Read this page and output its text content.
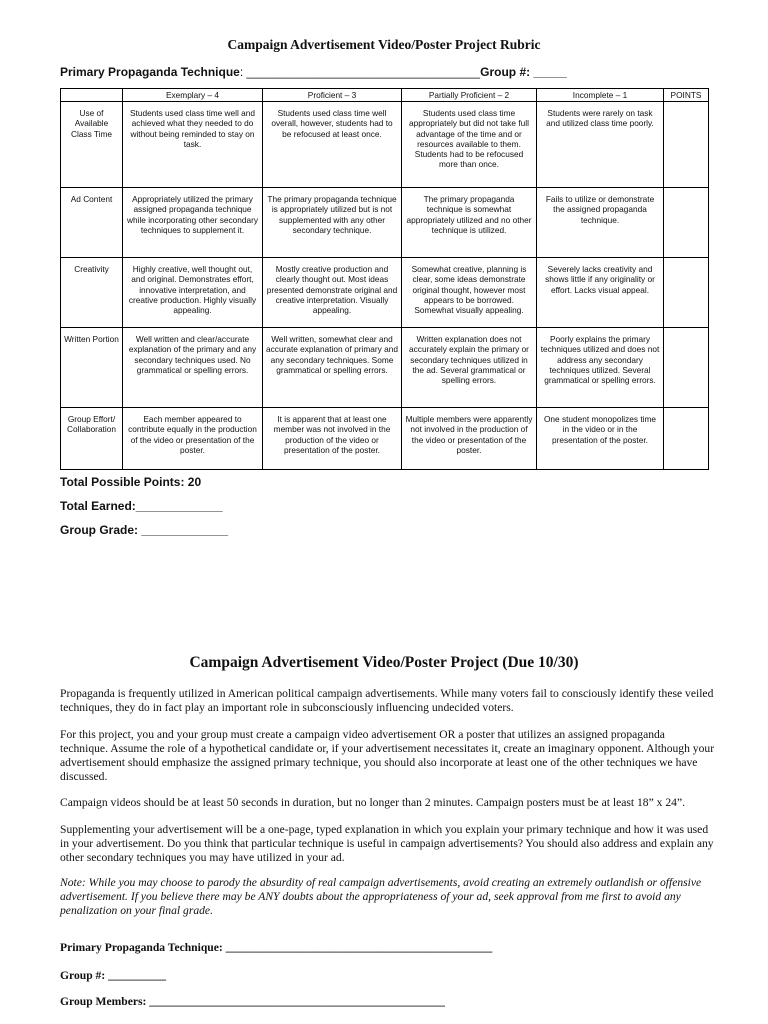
Campaign Advertisement Video/Poster Project Rubric
Primary Propaganda Technique: ___________________________________Group #: _____
	Exemplary – 4	Proficient – 3	Partially Proficient – 2	Incomplete – 1	POINTS
Use of Available Class Time	Students used class time well and achieved what they needed to do without being reminded to stay on task.	Students used class time well overall, however, students had to be refocused at least once.	Students used class time appropriately but did not take full advantage of the time and or resources available to them. Students had to be refocused more than once.	Students were rarely on task and utilized class time poorly.	
Ad Content	Appropriately utilized the primary assigned propaganda technique while incorporating other secondary techniques to supplement it.	The primary propaganda technique is appropriately utilized but is not supplemented with any other secondary technique.	The primary propaganda technique is somewhat appropriately utilized and no other technique is utilized.	Fails to utilize or demonstrate the assigned propaganda technique.	
Creativity	Highly creative, well thought out, and original. Demonstrates effort, innovative interpretation, and creative production. Highly visually appealing.	Mostly creative production and clearly thought out. Most ideas presented demonstrate original and creative interpretation. Visually appealing.	Somewhat creative, planning is clear, some ideas demonstrate original thought, however most appears to be borrowed. Somewhat visually appealing.	Severely lacks creativity and shows little if any originality or effort. Lacks visual appeal.	
Written Portion	Well written and clear/accurate explanation of the primary and any secondary techniques used. No grammatical or spelling errors.	Well written, somewhat clear and accurate explanation of primary and any secondary techniques. Some grammatical or spelling errors.	Written explanation does not accurately explain the primary or secondary techniques utilized in the ad. Several grammatical or spelling errors.	Poorly explains the primary techniques utilized and does not address any secondary techniques utilized. Several grammatical or spelling errors.	
Group Effort/ Collaboration	Each member appeared to contribute equally in the production of the video or presentation of the poster.	It is apparent that at least one member was not involved in the production of the video or presentation of the poster.	Multiple members were apparently not involved in the production of the video or presentation of the poster.	One student monopolizes time in the video or in the presentation of the poster.	
Total Possible Points: 20
Total Earned:_____________
Group Grade: _____________
Campaign Advertisement Video/Poster Project (Due 10/30)
Propaganda is frequently utilized in American political campaign advertisements. While many voters fail to consciously identify these veiled techniques, they do in fact play an important role in subconsciously influencing undecided voters.
For this project, you and your group must create a campaign video advertisement OR a poster that utilizes an assigned propaganda technique. Assume the role of a hypothetical candidate or, if your advertisement necessitates it, create an imaginary opponent. Although your advertisement should emphasize the assigned primary technique, you should also incorporate at least one of the other techniques we have discussed.
Campaign videos should be at least 50 seconds in duration, but no longer than 2 minutes. Campaign posters must be at least 18” x 24”.
Supplementing your advertisement will be a one-page, typed explanation in which you explain your primary technique and how it was used in your advertisement. Do you think that particular technique is useful in campaign advertisements? You should also address and explain any other secondary techniques you may have utilized in your ad.
Note: While you may choose to parody the absurdity of real campaign advertisements, avoid creating an extremely outlandish or offensive advertisement. If you believe there may be ANY doubts about the appropriateness of your ad, seek approval from me first to avoid any penalization on your final grade.
Primary Propaganda Technique: ______________________________________________
Group #: __________
Group Members: ___________________________________________________
